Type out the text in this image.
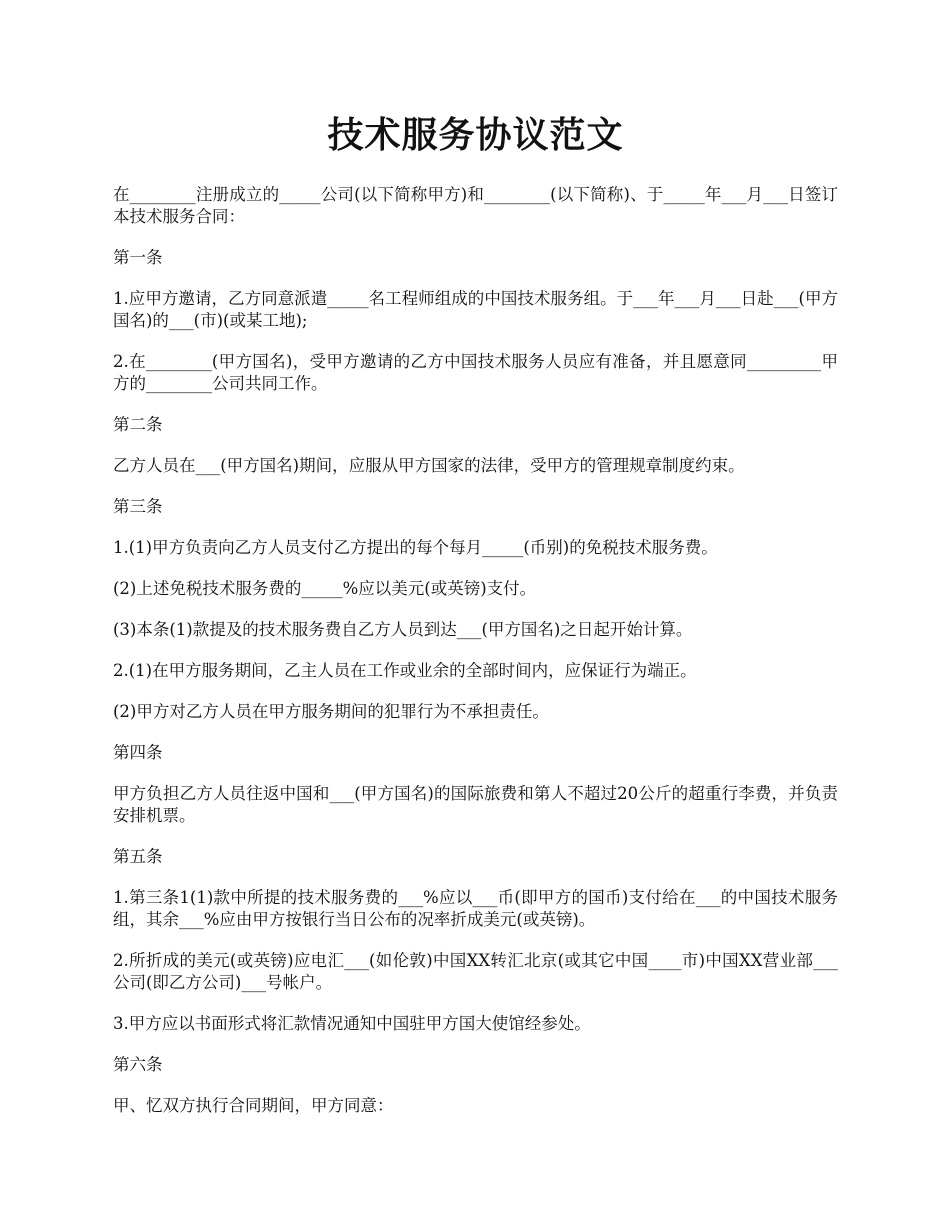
技术服务协议范文

在________注册成立的_____公司(以下简称甲方)和________(以下简称)、于_____年___月___日签订本技术服务合同：

第一条

1.应甲方邀请，乙方同意派遣_____名工程师组成的中国技术服务组。于___年___月___日赴___(甲方国名)的___(市)(或某工地);

2.在________(甲方国名)，受甲方邀请的乙方中国技术服务人员应有准备，并且愿意同_________甲方的________公司共同工作。

第二条

乙方人员在___(甲方国名)期间，应服从甲方国家的法律，受甲方的管理规章制度约束。

第三条

1.(1)甲方负责向乙方人员支付乙方提出的每个每月_____(币别)的免税技术服务费。

(2)上述免税技术服务费的_____%应以美元(或英镑)支付。

(3)本条(1)款提及的技术服务费自乙方人员到达___(甲方国名)之日起开始计算。

2.(1)在甲方服务期间，乙主人员在工作或业余的全部时间内，应保证行为端正。

(2)甲方对乙方人员在甲方服务期间的犯罪行为不承担责任。

第四条

甲方负担乙方人员往返中国和___(甲方国名)的国际旅费和第人不超过20公斤的超重行李费，并负责安排机票。

第五条

1.第三条1(1)款中所提的技术服务费的___%应以___币(即甲方的国币)支付给在___的中国技术服务组，其余___%应由甲方按银行当日公布的况率折成美元(或英镑)。

2.所折成的美元(或英镑)应电汇___(如伦敦)中国XX转汇北京(或其它中国____市)中国XX营业部___公司(即乙方公司)___号帐户。

3.甲方应以书面形式将汇款情况通知中国驻甲方国大使馆经参处。

第六条

甲、忆双方执行合同期间，甲方同意：
